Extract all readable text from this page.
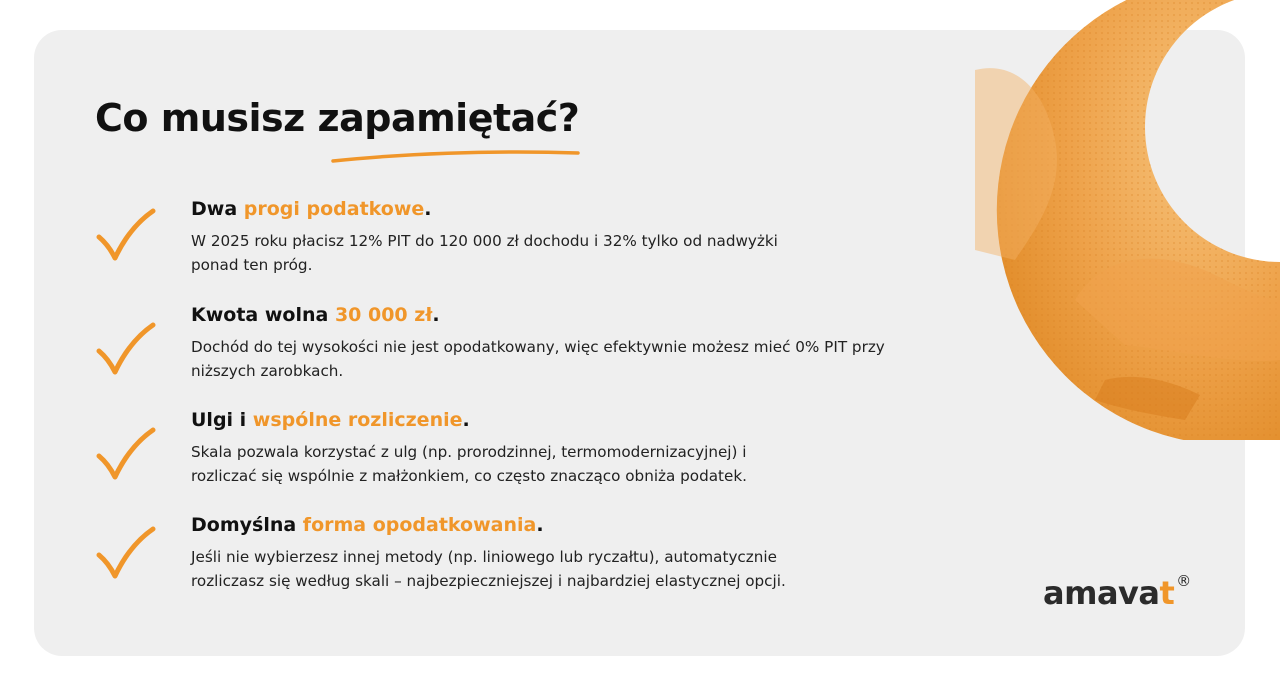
Co musisz zapamiętać?
Dwa progi podatkowe.

W 2025 roku płacisz 12% PIT do 120 000 zł dochodu i 32% tylko od nadwyżki
ponad ten próg.

Kwota wolna 30 000 zł.

Dochód do tej wysokości nie jest opodatkowany, więc efektywnie możesz mieć 0% PIT przy
niższych zarobkach.

Ulgi i wspólne rozliczenie.

Skala pozwala korzystać z ulg (np. prorodzinnej, termomodernizacyjnej) i
rozliczać się wspólnie z małżonkiem, co często znacząco obniża podatek.

Domyślna forma opodatkowania.

Jeśli nie wybierzesz innej metody (np. liniowego lub ryczałtu), automatycznie
rozliczasz się według skali – najbezpieczniejszej i najbardziej elastycznej opcji.	amavat ®
